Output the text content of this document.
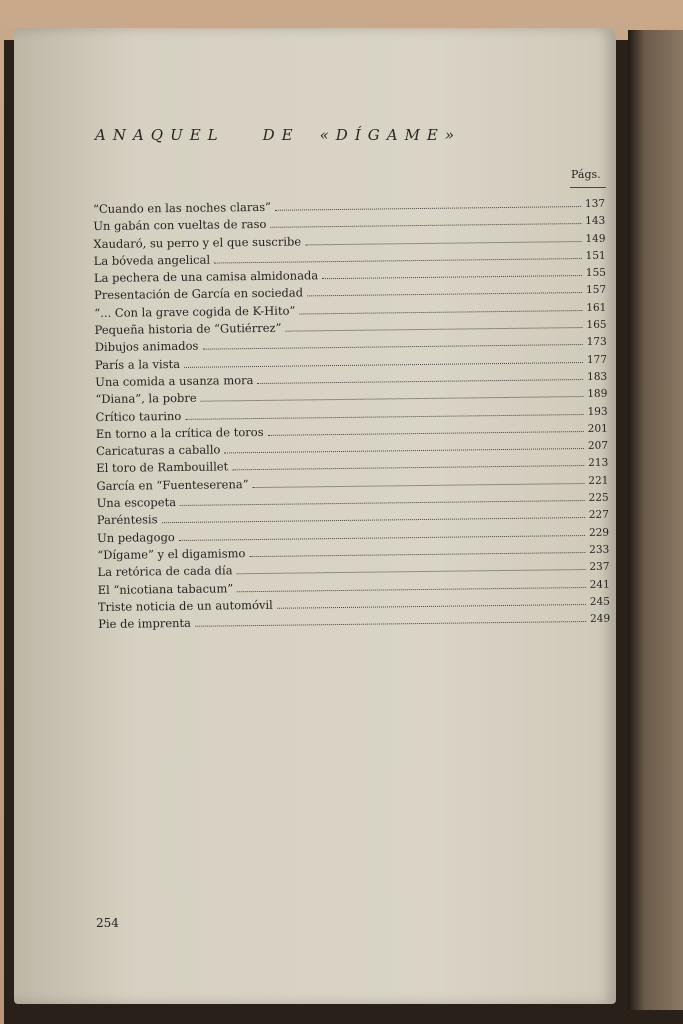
ANAQUEL	DE «DÍGAME»
Págs.
“Cuando en las noches claras”	137
Un gabán con vueltas de raso	143
Xaudaró, su perro y el que suscribe	149
La bóveda angelical	151
La pechera de una camisa almidonada	155
Presentación de García en sociedad	157
“... Con la grave cogida de K-Hito”	161
Pequeña historia de “Gutiérrez”	165
Dibujos animados	173
París a la vista	177
Una comida a usanza mora	183
“Diana”, la pobre	189
Crítico taurino	193
En torno a la crítica de toros	201
Caricaturas a caballo	207
El toro de Rambouillet	213
García en “Fuenteserena”	221
Una escopeta	225
Paréntesis	227
Un pedagogo	229
“Dígame” y el digamismo	233
La retórica de cada día	237
El “nicotiana tabacum”	241
Triste noticia de un automóvil	245
Pie de imprenta	249
254
